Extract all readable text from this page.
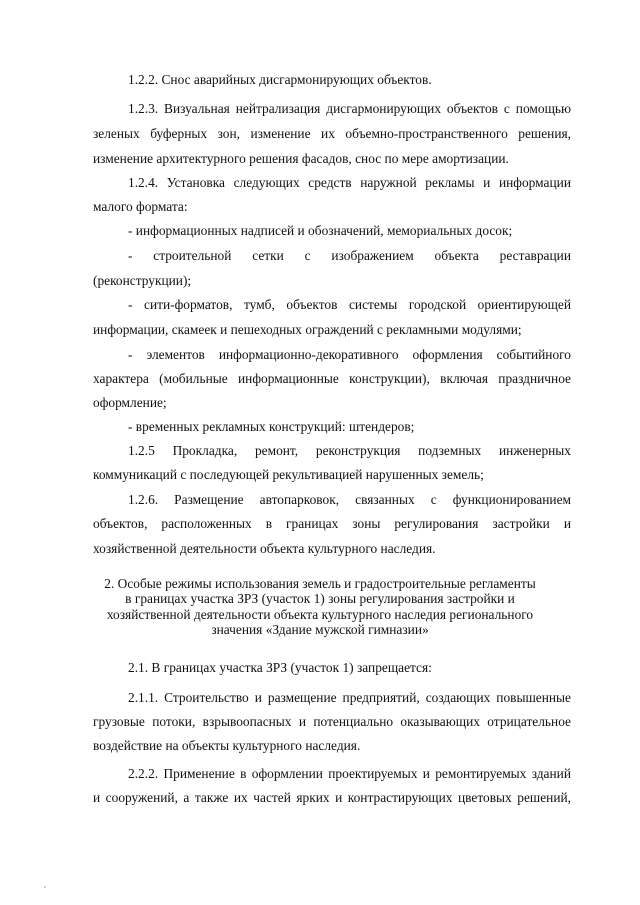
1.2.2. Снос аварийных дисгармонирующих объектов.
1.2.3. Визуальная нейтрализация дисгармонирующих объектов с помощью
зеленых буферных зон, изменение их объемно-пространственного решения,
изменение архитектурного решения фасадов, снос по мере амортизации.
1.2.4. Установка следующих средств наружной рекламы и информации
малого формата:
- информационных надписей и обозначений, мемориальных досок;
- строительной сетки с изображением объекта реставрации
(реконструкции);
- сити-форматов, тумб, объектов системы городской ориентирующей
информации, скамеек и пешеходных ограждений с рекламными модулями;
- элементов информационно-декоративного оформления событийного
характера (мобильные информационные конструкции), включая праздничное
оформление;
- временных рекламных конструкций: штендеров;
1.2.5 Прокладка, ремонт, реконструкция подземных инженерных
коммуникаций с последующей рекультивацией нарушенных земель;
1.2.6. Размещение автопарковок, связанных с функционированием
объектов, расположенных в границах зоны регулирования застройки и
хозяйственной деятельности объекта культурного наследия.
2. Особые режимы использования земель и градостроительные регламенты
в границах участка ЗРЗ (участок 1) зоны регулирования застройки и
хозяйственной деятельности объекта культурного наследия регионального
значения «Здание мужской гимназии»
2.1. В границах участка ЗРЗ (участок 1) запрещается:
2.1.1. Строительство и размещение предприятий, создающих повышенные
грузовые потоки, взрывоопасных и потенциально оказывающих отрицательное
воздействие на объекты культурного наследия.
2.2.2. Применение в оформлении проектируемых и ремонтируемых зданий
и сооружений, а также их частей ярких и контрастирующих цветовых решений,
